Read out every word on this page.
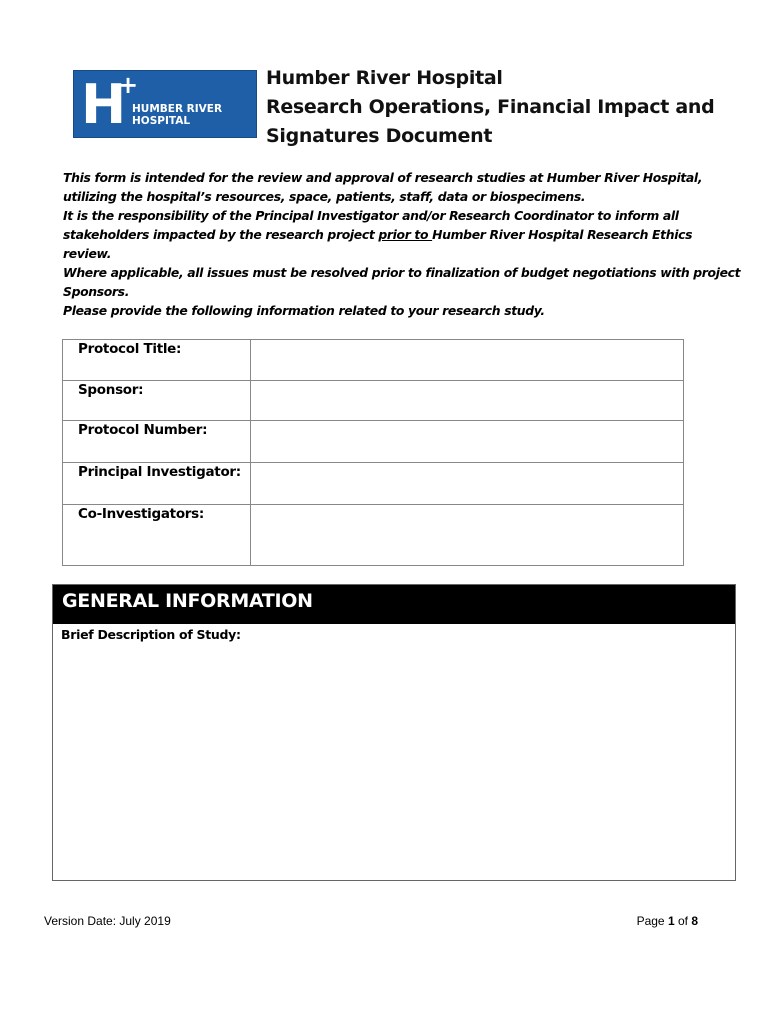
H
+
HUMBER RIVER
HOSPITAL
Humber River Hospital
Research Operations, Financial Impact and
Signatures Document

This form is intended for the review and approval of research studies at Humber River Hospital, utilizing the hospital’s resources, space, patients, staff, data or biospecimens.

It is the responsibility of the Principal Investigator and/or Research Coordinator to inform all stakeholders impacted by the research project prior to Humber River Hospital Research Ethics review.

Where applicable, all issues must be resolved prior to finalization of budget negotiations with project Sponsors.

Please provide the following information related to your research study.
Protocol Title:	

Sponsor:	

Protocol Number:	

Principal Investigator:	

Co-Investigators:	

GENERAL INFORMATION
Brief Description of Study:
Version Date: July 2019	Page 1 of 8
